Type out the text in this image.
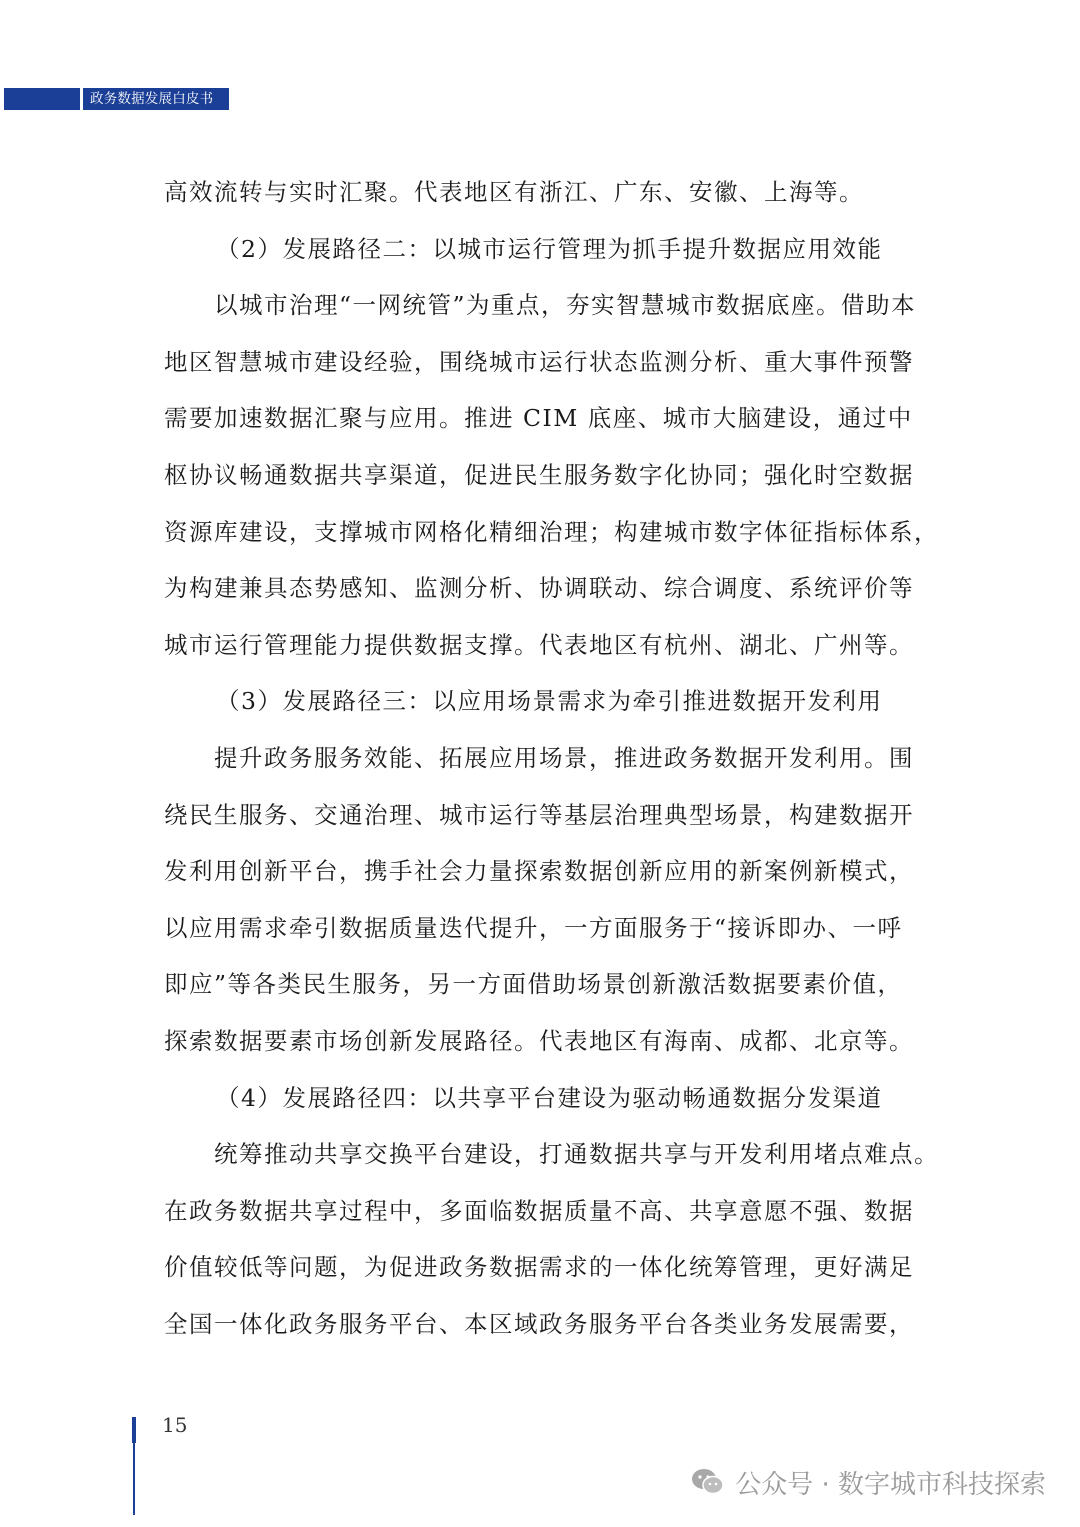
政务数据发展白皮书
高效流转与实时汇聚。代表地区有浙江、广东、安徽、上海等。
（2）发展路径二：以城市运行管理为抓手提升数据应用效能
以城市治理“一网统管”为重点，夯实智慧城市数据底座。借助本
地区智慧城市建设经验，围绕城市运行状态监测分析、重大事件预警
需要加速数据汇聚与应用。推进 CIM 底座、城市大脑建设，通过中
枢协议畅通数据共享渠道，促进民生服务数字化协同；强化时空数据
资源库建设，支撑城市网格化精细治理；构建城市数字体征指标体系，
为构建兼具态势感知、监测分析、协调联动、综合调度、系统评价等
城市运行管理能力提供数据支撑。代表地区有杭州、湖北、广州等。
（3）发展路径三：以应用场景需求为牵引推进数据开发利用
提升政务服务效能、拓展应用场景，推进政务数据开发利用。围
绕民生服务、交通治理、城市运行等基层治理典型场景，构建数据开
发利用创新平台，携手社会力量探索数据创新应用的新案例新模式，
以应用需求牵引数据质量迭代提升，一方面服务于“接诉即办、一呼
即应”等各类民生服务，另一方面借助场景创新激活数据要素价值，
探索数据要素市场创新发展路径。代表地区有海南、成都、北京等。
（4）发展路径四：以共享平台建设为驱动畅通数据分发渠道
统筹推动共享交换平台建设，打通数据共享与开发利用堵点难点。
在政务数据共享过程中，多面临数据质量不高、共享意愿不强、数据
价值较低等问题，为促进政务数据需求的一体化统筹管理，更好满足
全国一体化政务服务平台、本区域政务服务平台各类业务发展需要，
15
公众号 · 数字城市科技探索
